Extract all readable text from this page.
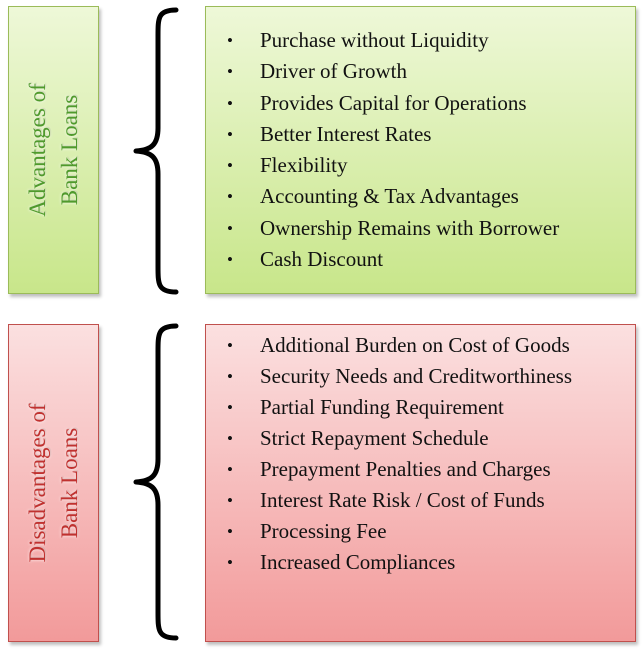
Advantages of Bank Loans
• Purchase without Liquidity
• Driver of Growth
• Provides Capital for Operations
• Better Interest Rates
• Flexibility
• Accounting & Tax Advantages
• Ownership Remains with Borrower
• Cash Discount
Disadvantages of Bank Loans
• Additional Burden on Cost of Goods
• Security Needs and Creditworthiness
• Partial Funding Requirement
• Strict Repayment Schedule
• Prepayment Penalties and Charges
• Interest Rate Risk / Cost of Funds
• Processing Fee
• Increased Compliances
